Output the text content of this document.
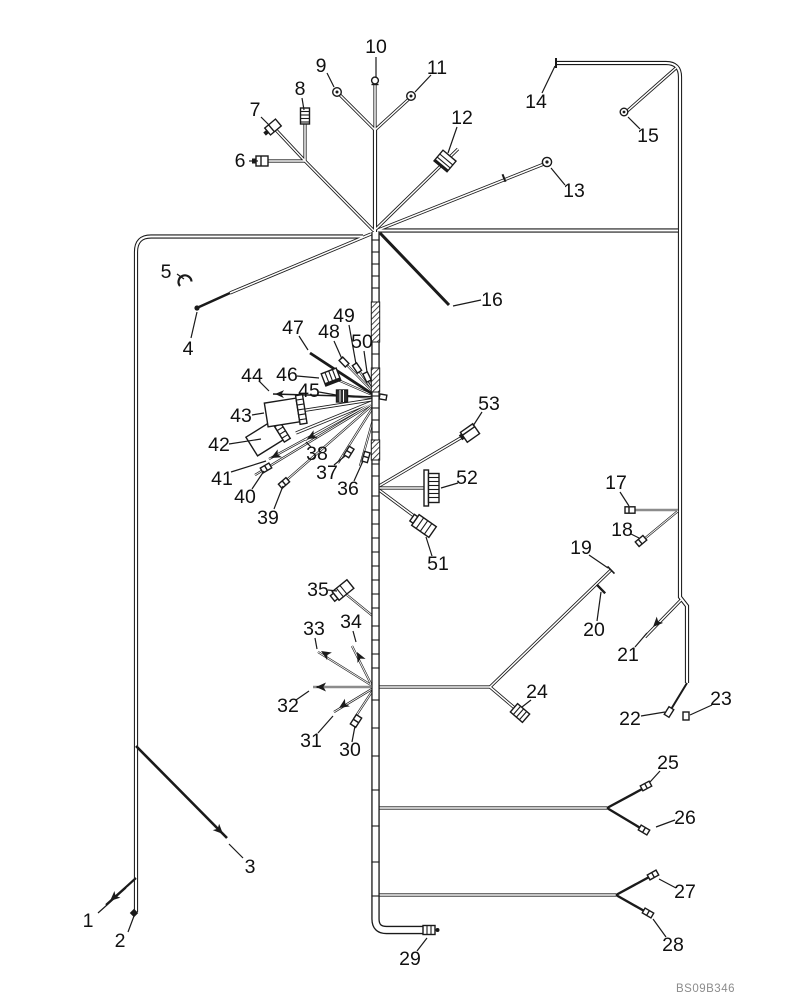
1
2
3
4
5
6
7
8
9
10
11
12
13
14
15
16
17
18
19
20
21
22
23
24
25
26
27
28
29
30
31
32
33 34
35
36
37
38
39
40
41
42
43
44
45
46
47 48
49
50
51
52
53
BS09B346
